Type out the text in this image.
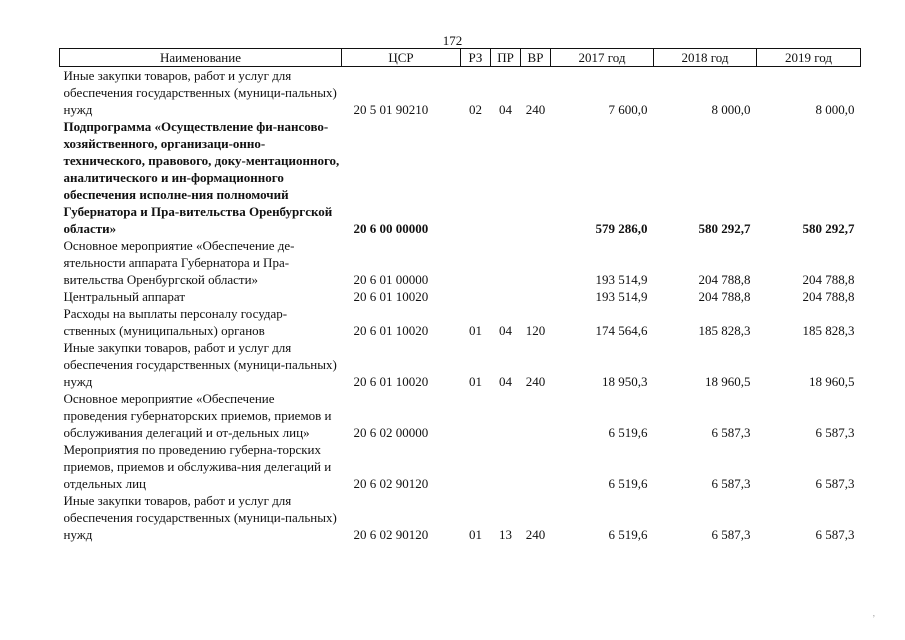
172
Наименование	ЦСР	РЗ	ПР	ВР	2017 год	2018 год	2019 год
Иные закупки товаров, работ и услуг для обеспечения государственных (муници-пальных) нужд	20 5 01 90210	02	04	240	7 600,0	8 000,0	8 000,0
Подпрограмма «Осуществление фи-нансово-хозяйственного, организаци-онно-технического, правового, доку-ментационного, аналитического и ин-формационного обеспечения исполне-ния полномочий Губернатора и Пра-вительства Оренбургской области»	20 6 00 00000				579 286,0	580 292,7	580 292,7
Основное мероприятие «Обеспечение де-ятельности аппарата Губернатора и Пра-вительства Оренбургской области»	20 6 01 00000				193 514,9	204 788,8	204 788,8
Центральный аппарат	20 6 01 10020				193 514,9	204 788,8	204 788,8
Расходы на выплаты персоналу государ-ственных (муниципальных) органов	20 6 01 10020	01	04	120	174 564,6	185 828,3	185 828,3
Иные закупки товаров, работ и услуг для обеспечения государственных (муници-пальных) нужд	20 6 01 10020	01	04	240	18 950,3	18 960,5	18 960,5
Основное мероприятие «Обеспечение проведения губернаторских приемов, приемов и обслуживания делегаций и от-дельных лиц»	20 6 02 00000				6 519,6	6 587,3	6 587,3
Мероприятия по проведению губерна-торских приемов, приемов и обслужива-ния делегаций и отдельных лиц	20 6 02 90120				6 519,6	6 587,3	6 587,3
Иные закупки товаров, работ и услуг для обеспечения государственных (муници-пальных) нужд	20 6 02 90120	01	13	240	6 519,6	6 587,3	6 587,3
,
